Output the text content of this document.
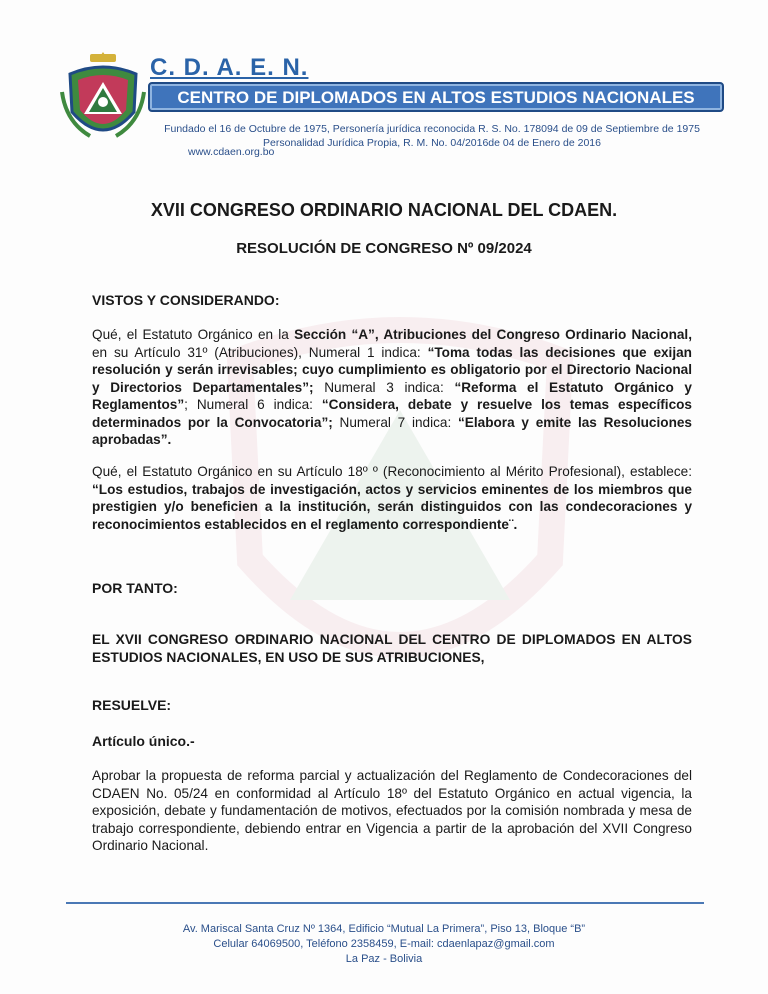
C. D. A. E. N.
CENTRO DE DIPLOMADOS EN ALTOS ESTUDIOS NACIONALES
Fundado el 16 de Octubre de 1975, Personería jurídica reconocida R. S. No. 178094 de 09 de Septiembre de 1975
Personalidad Jurídica Propia, R. M. No. 04/2016de 04 de Enero de 2016
www.cdaen.org.bo
XVII CONGRESO ORDINARIO NACIONAL DEL CDAEN.
RESOLUCIÓN DE CONGRESO Nº 09/2024
VISTOS Y CONSIDERANDO:
Qué, el Estatuto Orgánico en la Sección “A”, Atribuciones del Congreso Ordinario Nacional, en su Artículo 31º (Atribuciones), Numeral 1 indica: “Toma todas las decisiones que exijan resolución y serán irrevisables; cuyo cumplimiento es obligatorio por el Directorio Nacional y Directorios Departamentales”; Numeral 3 indica: “Reforma el Estatuto Orgánico y Reglamentos”; Numeral 6 indica: “Considera, debate y resuelve los temas específicos determinados por la Convocatoria”; Numeral 7 indica: “Elabora y emite las Resoluciones aprobadas”.
Qué, el Estatuto Orgánico en su Artículo 18º º (Reconocimiento al Mérito Profesional), establece: “Los estudios, trabajos de investigación, actos y servicios eminentes de los miembros que prestigien y/o beneficien a la institución, serán distinguidos con las condecoraciones y reconocimientos establecidos en el reglamento correspondiente¨.
POR TANTO:
EL XVII CONGRESO ORDINARIO NACIONAL DEL CENTRO DE DIPLOMADOS EN ALTOS ESTUDIOS NACIONALES, EN USO DE SUS ATRIBUCIONES,
RESUELVE:
Artículo único.-
Aprobar la propuesta de reforma parcial y actualización del Reglamento de Condecoraciones del CDAEN No. 05/24 en conformidad al Artículo 18º del Estatuto Orgánico en actual vigencia, la exposición, debate y fundamentación de motivos, efectuados por la comisión nombrada y mesa de trabajo correspondiente, debiendo entrar en Vigencia a partir de la aprobación del XVII Congreso Ordinario Nacional.
Av. Mariscal Santa Cruz Nº 1364, Edificio “Mutual La Primera”, Piso 13, Bloque “B”
Celular 64069500, Teléfono 2358459, E-mail: cdaenlapaz@gmail.com
La Paz - Bolivia
